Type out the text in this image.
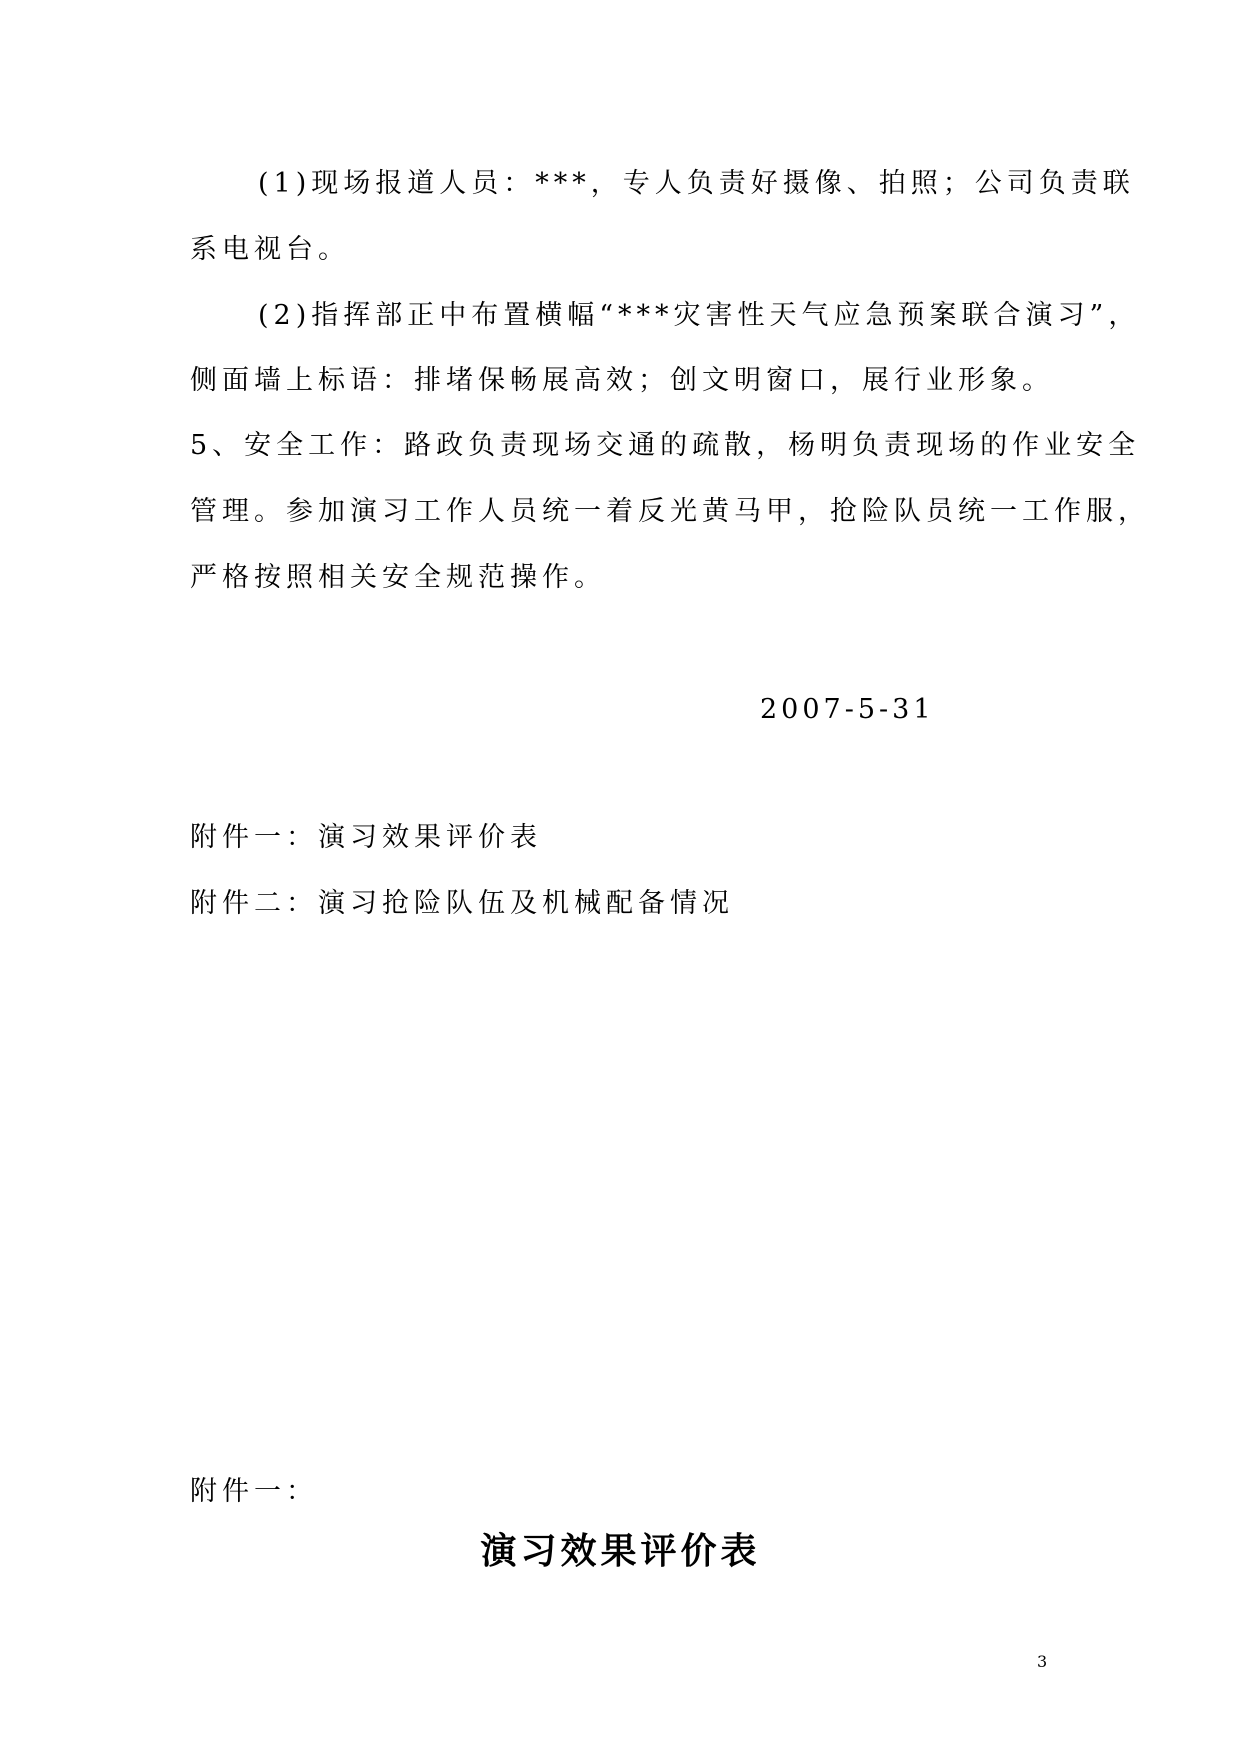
(1)现场报道人员：***，专人负责好摄像、拍照；公司负责联
系电视台。
(2)指挥部正中布置横幅“***灾害性天气应急预案联合演习”，
侧面墙上标语：排堵保畅展高效；创文明窗口，展行业形象。
5、安全工作：路政负责现场交通的疏散，杨明负责现场的作业安全
管理。参加演习工作人员统一着反光黄马甲，抢险队员统一工作服，
严格按照相关安全规范操作。
2007-5-31
附件一：演习效果评价表
附件二：演习抢险队伍及机械配备情况
附件一：
演习效果评价表
3
